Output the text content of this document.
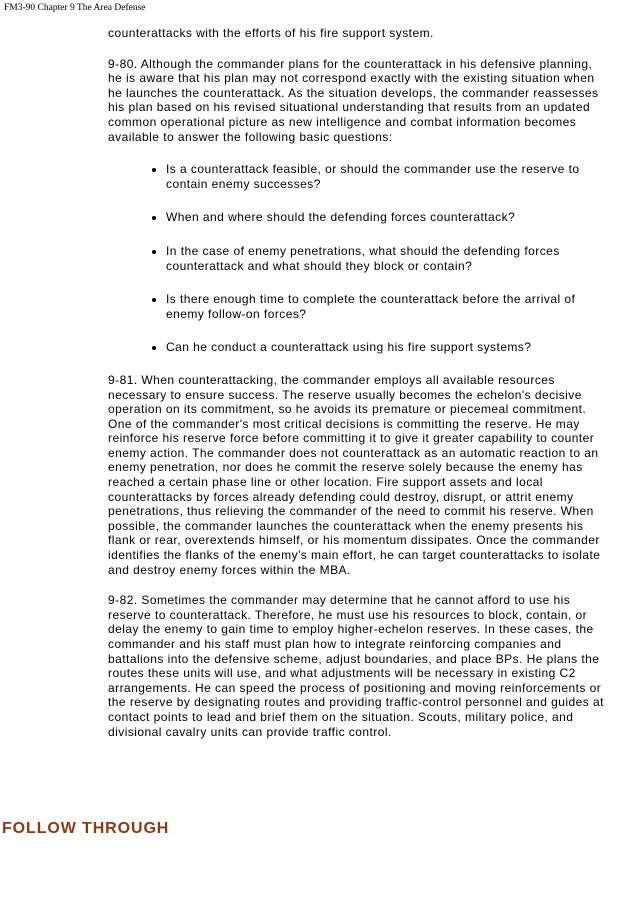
FM3-90 Chapter 9 The Area Defense

counterattacks with the efforts of his fire support system.

9-80. Although the commander plans for the counterattack in his defensive planning, he is aware that his plan may not correspond exactly with the existing situation when he launches the counterattack. As the situation develops, the commander reassesses his plan based on his revised situational understanding that results from an updated common operational picture as new intelligence and combat information becomes available to answer the following basic questions:

Is a counterattack feasible, or should the commander use the reserve to contain enemy successes?
When and where should the defending forces counterattack?
In the case of enemy penetrations, what should the defending forces counterattack and what should they block or contain?
Is there enough time to complete the counterattack before the arrival of enemy follow-on forces?
Can he conduct a counterattack using his fire support systems?

9-81. When counterattacking, the commander employs all available resources necessary to ensure success. The reserve usually becomes the echelon's decisive operation on its commitment, so he avoids its premature or piecemeal commitment. One of the commander's most critical decisions is committing the reserve. He may reinforce his reserve force before committing it to give it greater capability to counter enemy action. The commander does not counterattack as an automatic reaction to an enemy penetration, nor does he commit the reserve solely because the enemy has reached a certain phase line or other location. Fire support assets and local counterattacks by forces already defending could destroy, disrupt, or attrit enemy penetrations, thus relieving the commander of the need to commit his reserve. When possible, the commander launches the counterattack when the enemy presents his flank or rear, overextends himself, or his momentum dissipates. Once the commander identifies the flanks of the enemy's main effort, he can target counterattacks to isolate and destroy enemy forces within the MBA.

9-82. Sometimes the commander may determine that he cannot afford to use his reserve to counterattack. Therefore, he must use his resources to block, contain, or delay the enemy to gain time to employ higher-echelon reserves. In these cases, the commander and his staff must plan how to integrate reinforcing companies and battalions into the defensive scheme, adjust boundaries, and place BPs. He plans the routes these units will use, and what adjustments will be necessary in existing C2 arrangements. He can speed the process of positioning and moving reinforcements or the reserve by designating routes and providing traffic-control personnel and guides at contact points to lead and brief them on the situation. Scouts, military police, and divisional cavalry units can provide traffic control.

FOLLOW THROUGH
